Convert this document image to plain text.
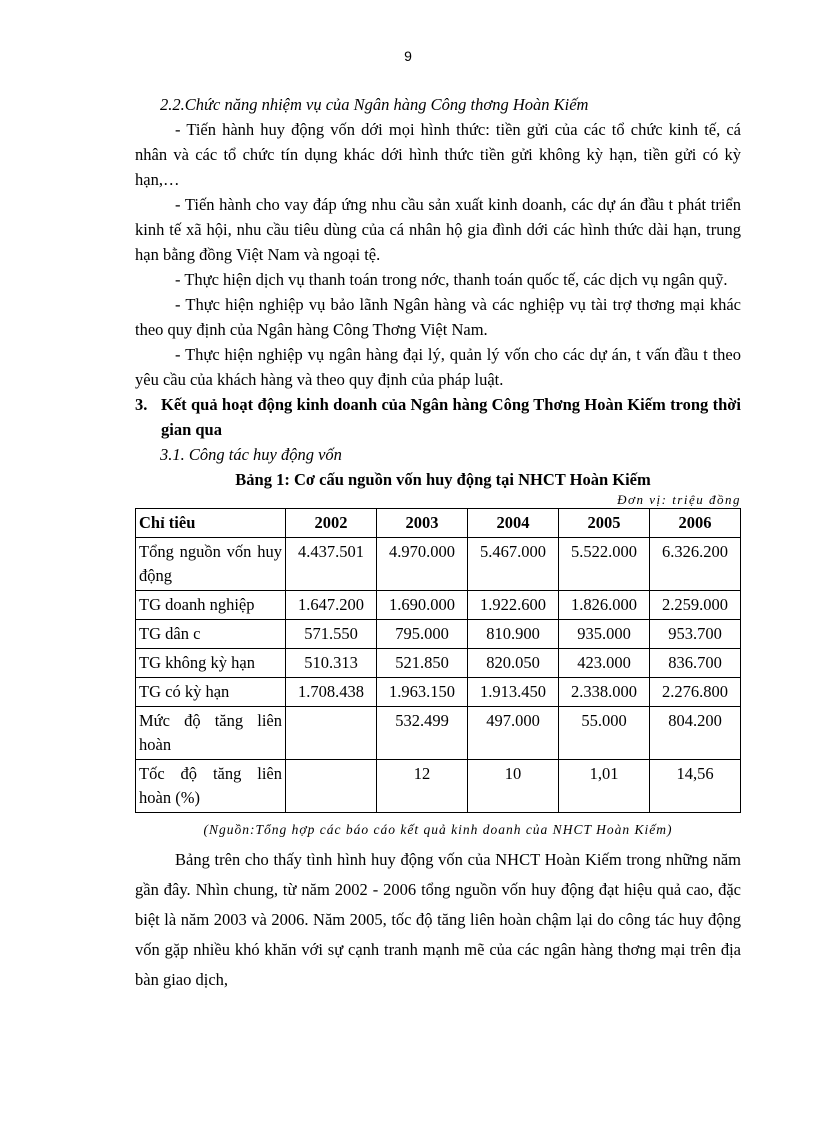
9

2.2.Chức năng nhiệm vụ của Ngân hàng Công thơng Hoàn Kiếm

- Tiến hành huy động vốn dới mọi hình thức: tiền gửi của các tổ chức kinh tế, cá nhân và các tổ chức tín dụng khác dới hình thức tiền gửi không kỳ hạn, tiền gửi có kỳ hạn,…

- Tiến hành cho vay đáp ứng nhu cầu sản xuất kinh doanh, các dự án đầu t phát triển kinh tế xã hội, nhu cầu tiêu dùng của cá nhân hộ gia đình dới các hình thức dài hạn, trung hạn bằng đồng Việt Nam và ngoại tệ.

- Thực hiện dịch vụ thanh toán trong nớc, thanh toán quốc tế, các dịch vụ ngân quỹ.

- Thực hiện nghiệp vụ bảo lãnh Ngân hàng và các nghiệp vụ tài trợ thơng mại khác theo quy định của Ngân hàng Công Thơng Việt Nam.

- Thực hiện nghiệp vụ ngân hàng đại lý, quản lý vốn cho các dự án, t vấn đầu t theo yêu cầu của khách hàng và theo quy định của pháp luật.

3. Kết quả hoạt động kinh doanh của Ngân hàng Công Thơng Hoàn Kiếm trong thời gian qua

3.1. Công tác huy động vốn

Bảng 1: Cơ cấu nguồn vốn huy động tại NHCT Hoàn Kiếm

Đơn vị: triệu đồng

Chỉ tiêu	2002	2003	2004	2005	2006
Tổng nguồn vốn huy động	4.437.501	4.970.000	5.467.000	5.522.000	6.326.200
TG doanh nghiệp	1.647.200	1.690.000	1.922.600	1.826.000	2.259.000
TG dân c	571.550	795.000	810.900	935.000	953.700
TG không kỳ hạn	510.313	521.850	820.050	423.000	836.700
TG có kỳ hạn	1.708.438	1.963.150	1.913.450	2.338.000	2.276.800
Mức độ tăng liên hoàn		532.499	497.000	55.000	804.200
Tốc độ tăng liên hoàn (%)		12	10	1,01	14,56

(Nguồn:Tổng hợp các báo cáo kết quả kinh doanh của NHCT Hoàn Kiếm)

Bảng trên cho thấy tình hình huy động vốn của NHCT Hoàn Kiếm trong những năm gần đây. Nhìn chung, từ năm 2002 - 2006 tổng nguồn vốn huy động đạt hiệu quả cao, đặc biệt là năm 2003 và 2006. Năm 2005, tốc độ tăng liên hoàn chậm lại do công tác huy động vốn gặp nhiều khó khăn với sự cạnh tranh mạnh mẽ của các ngân hàng thơng mại trên địa bàn giao dịch,
